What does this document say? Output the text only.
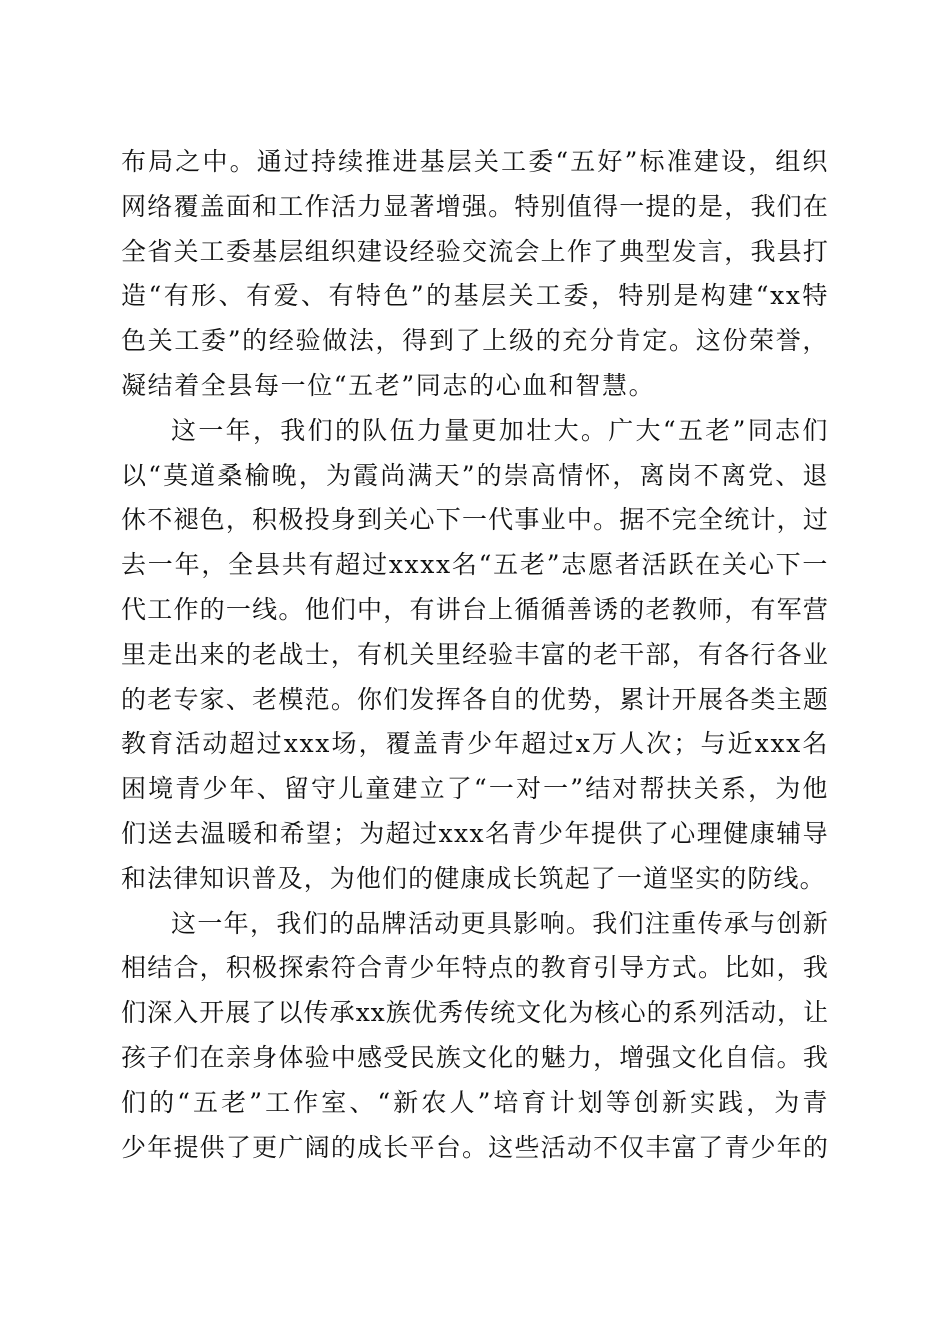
布局之中。通过持续推进基层关工委“五好”标准建设，组织
网络覆盖面和工作活力显著增强。特别值得一提的是，我们在
全省关工委基层组织建设经验交流会上作了典型发言，我县打
造“有形、有爱、有特色”的基层关工委，特别是构建“xx特
色关工委”的经验做法，得到了上级的充分肯定。这份荣誉，
凝结着全县每一位“五老”同志的心血和智慧。
这一年，我们的队伍力量更加壮大。广大“五老”同志们
以“莫道桑榆晚，为霞尚满天”的崇高情怀，离岗不离党、退
休不褪色，积极投身到关心下一代事业中。据不完全统计，过
去一年，全县共有超过xxxx名“五老”志愿者活跃在关心下一
代工作的一线。他们中，有讲台上循循善诱的老教师，有军营
里走出来的老战士，有机关里经验丰富的老干部，有各行各业
的老专家、老模范。你们发挥各自的优势，累计开展各类主题
教育活动超过xxx场，覆盖青少年超过x万人次；与近xxx名
困境青少年、留守儿童建立了“一对一”结对帮扶关系，为他
们送去温暖和希望；为超过xxx名青少年提供了心理健康辅导
和法律知识普及，为他们的健康成长筑起了一道坚实的防线。
这一年，我们的品牌活动更具影响。我们注重传承与创新
相结合，积极探索符合青少年特点的教育引导方式。比如，我
们深入开展了以传承xx族优秀传统文化为核心的系列活动，让
孩子们在亲身体验中感受民族文化的魅力，增强文化自信。我
们的“五老”工作室、“新农人”培育计划等创新实践，为青
少年提供了更广阔的成长平台。这些活动不仅丰富了青少年的
